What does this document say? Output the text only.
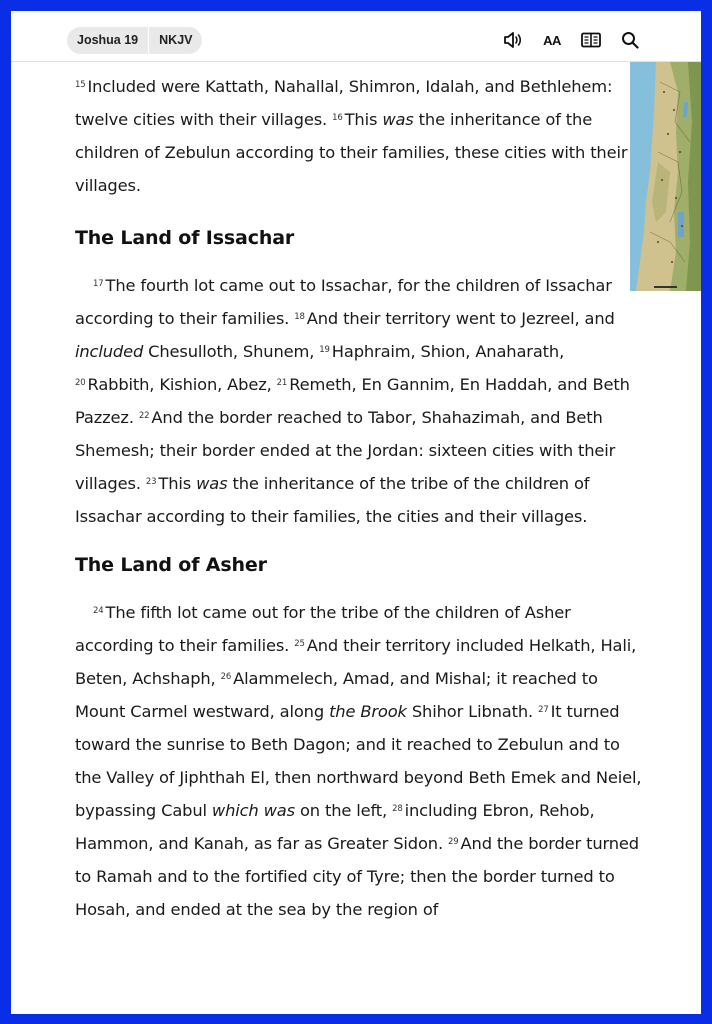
Joshua 19	NKJV	AA

$^{15}$ Included were Kattath, Nahallal, Shimron, Idalah, and Bethlehem: twelve cities with their villages. $^{16}$ This was the inheritance of the children of Zebulun according to their families, these cities with their villages.

The Land of Issachar

$^{17}$ The fourth lot came out to Issachar, for the children of Issachar according to their families. $^{18}$ And their territory went to Jezreel, and included Chesulloth, Shunem, $^{19}$ Haphraim, Shion, Anaharath, $^{20}$ Rabbith, Kishion, Abez, $^{21}$ Remeth, En Gannim, En Haddah, and Beth Pazzez. $^{22}$ And the border reached to Tabor, Shahazimah, and Beth Shemesh; their border ended at the Jordan: sixteen cities with their villages. $^{23}$ This was the inheritance of the tribe of the children of Issachar according to their families, the cities and their villages.

The Land of Asher

$^{24}$ The fifth lot came out for the tribe of the children of Asher according to their families. $^{25}$ And their territory included Helkath, Hali, Beten, Achshaph, $^{26}$ Alammelech, Amad, and Mishal; it reached to Mount Carmel westward, along the Brook Shihor Libnath. $^{27}$ It turned toward the sunrise to Beth Dagon; and it reached to Zebulun and to the Valley of Jiphthah El, then northward beyond Beth Emek and Neiel, bypassing Cabul which was on the left, $^{28}$ including Ebron, Rehob, Hammon, and Kanah, as far as Greater Sidon. $^{29}$ And the border turned to Ramah and to the fortified city of Tyre; then the border turned to Hosah, and ended at the sea by the region of
